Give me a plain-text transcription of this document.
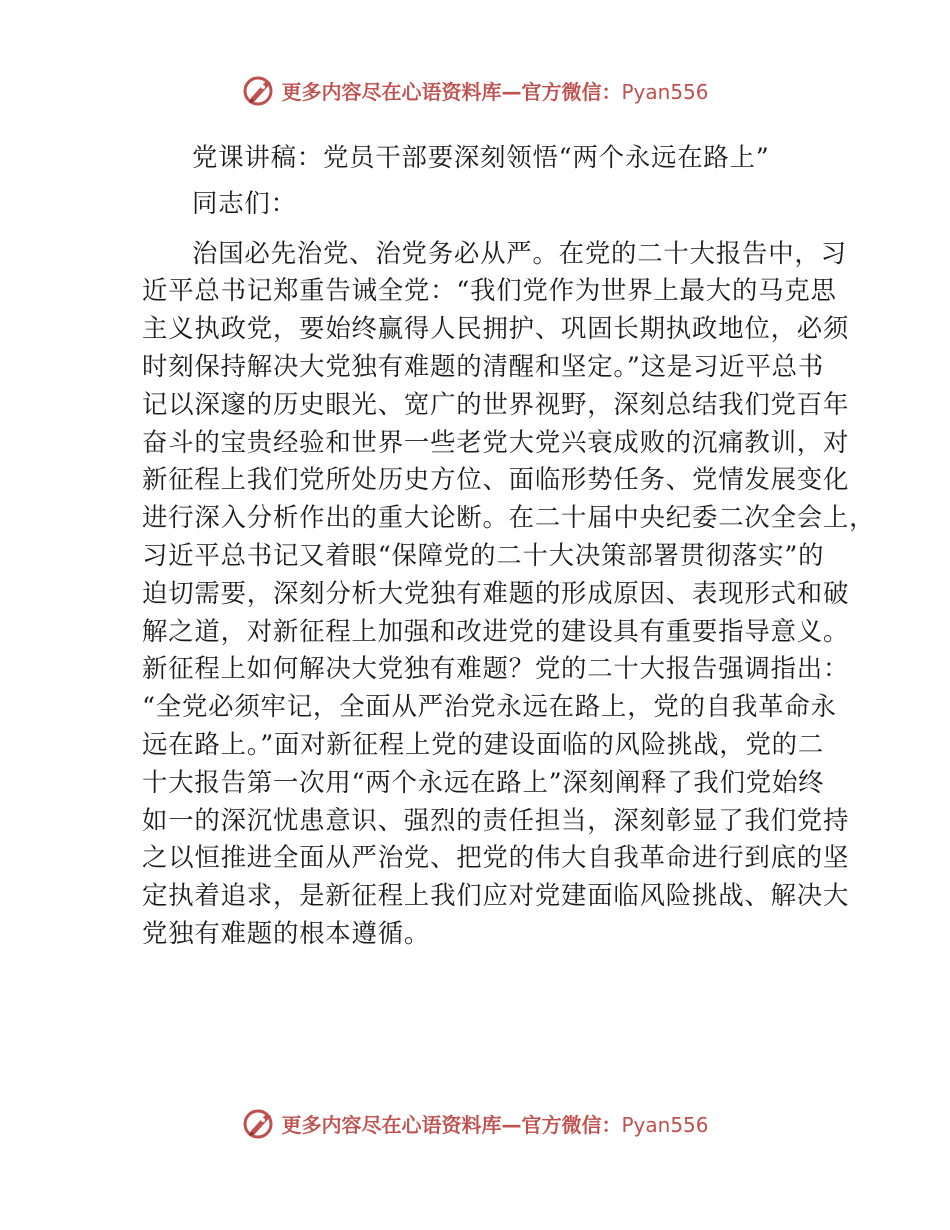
更多内容尽在心语资料库—官方微信：Pyan556
党课讲稿：党员干部要深刻领悟“两个永远在路上”
同志们：
治国必先治党、治党务必从严。在党的二十大报告中，习
近平总书记郑重告诫全党：“我们党作为世界上最大的马克思
主义执政党，要始终赢得人民拥护、巩固长期执政地位，必须
时刻保持解决大党独有难题的清醒和坚定。”这是习近平总书
记以深邃的历史眼光、宽广的世界视野，深刻总结我们党百年
奋斗的宝贵经验和世界一些老党大党兴衰成败的沉痛教训，对
新征程上我们党所处历史方位、面临形势任务、党情发展变化
进行深入分析作出的重大论断。在二十届中央纪委二次全会上，
习近平总书记又着眼“保障党的二十大决策部署贯彻落实”的
迫切需要，深刻分析大党独有难题的形成原因、表现形式和破
解之道，对新征程上加强和改进党的建设具有重要指导意义。
新征程上如何解决大党独有难题？党的二十大报告强调指出：
“全党必须牢记，全面从严治党永远在路上，党的自我革命永
远在路上。”面对新征程上党的建设面临的风险挑战，党的二
十大报告第一次用“两个永远在路上”深刻阐释了我们党始终
如一的深沉忧患意识、强烈的责任担当，深刻彰显了我们党持
之以恒推进全面从严治党、把党的伟大自我革命进行到底的坚
定执着追求，是新征程上我们应对党建面临风险挑战、解决大
党独有难题的根本遵循。
更多内容尽在心语资料库—官方微信：Pyan556
